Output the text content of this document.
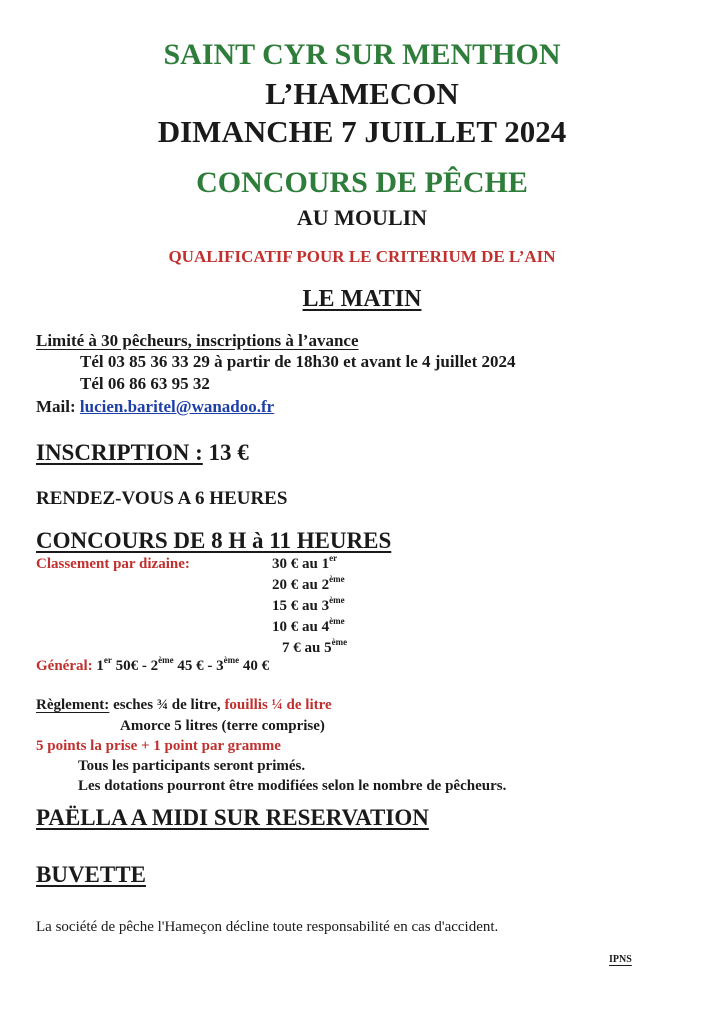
SAINT CYR SUR MENTHON
L’HAMECON
DIMANCHE 7 JUILLET 2024
CONCOURS DE PÊCHE
AU MOULIN
QUALIFICATIF POUR LE CRITERIUM DE L’AIN
LE MATIN
Limité à 30 pêcheurs, inscriptions à l’avance
Tél 03 85 36 33 29 à partir de 18h30 et avant le 4 juillet 2024
Tél 06 86 63 95 32
Mail: lucien.baritel@wanadoo.fr
INSCRIPTION : 13 €
RENDEZ-VOUS A 6 HEURES
CONCOURS DE 8 H à 11 HEURES
Classement par dizaine:	30 € au 1er
20 € au 2ème
15 € au 3ème
10 € au 4ème
7 € au 5ème
Général: 1er 50€ - 2ème 45 € - 3ème 40 €
Règlement: esches ¾ de litre, fouillis ¼ de litre
Amorce 5 litres (terre comprise)
5 points la prise + 1 point par gramme
Tous les participants seront primés.
Les dotations pourront être modifiées selon le nombre de pêcheurs.
PAËLLA A MIDI SUR RESERVATION
BUVETTE
La société de pêche l'Hameçon décline toute responsabilité en cas d'accident.
IPNS
